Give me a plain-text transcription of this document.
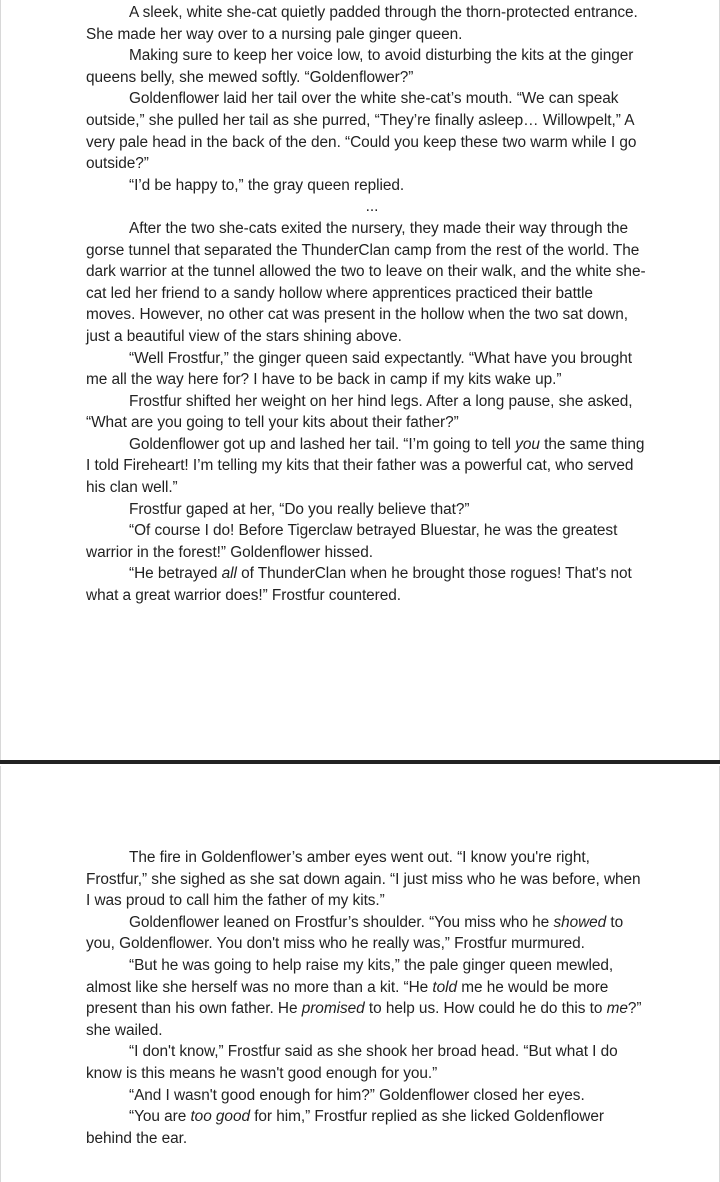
A sleek, white she-cat quietly padded through the thorn-protected entrance. She made her way over to a nursing pale ginger queen.

Making sure to keep her voice low, to avoid disturbing the kits at the ginger queens belly, she mewed softly. “Goldenflower?”

Goldenflower laid her tail over the white she-cat’s mouth. “We can speak outside,” she pulled her tail as she purred, “They’re finally asleep… Willowpelt,” A very pale head in the back of the den. “Could you keep these two warm while I go outside?”

“I’d be happy to,” the gray queen replied.

...

After the two she-cats exited the nursery, they made their way through the gorse tunnel that separated the ThunderClan camp from the rest of the world. The dark warrior at the tunnel allowed the two to leave on their walk, and the white she-cat led her friend to a sandy hollow where apprentices practiced their battle moves. However, no other cat was present in the hollow when the two sat down, just a beautiful view of the stars shining above.

“Well Frostfur,” the ginger queen said expectantly. “What have you brought me all the way here for? I have to be back in camp if my kits wake up.”

Frostfur shifted her weight on her hind legs. After a long pause, she asked, “What are you going to tell your kits about their father?”

Goldenflower got up and lashed her tail. “I’m going to tell you the same thing I told Fireheart! I’m telling my kits that their father was a powerful cat, who served his clan well.”

Frostfur gaped at her, “Do you really believe that?”

“Of course I do! Before Tigerclaw betrayed Bluestar, he was the greatest warrior in the forest!” Goldenflower hissed.

“He betrayed all of ThunderClan when he brought those rogues! That's not what a great warrior does!” Frostfur countered.

The fire in Goldenflower’s amber eyes went out. “I know you're right, Frostfur,” she sighed as she sat down again. “I just miss who he was before, when I was proud to call him the father of my kits.”

Goldenflower leaned on Frostfur’s shoulder. “You miss who he showed to you, Goldenflower. You don't miss who he really was,” Frostfur murmured.

“But he was going to help raise my kits,” the pale ginger queen mewled, almost like she herself was no more than a kit. “He told me he would be more present than his own father. He promised to help us. How could he do this to me?” she wailed.

“I don't know,” Frostfur said as she shook her broad head. “But what I do know is this means he wasn't good enough for you.”

“And I wasn't good enough for him?” Goldenflower closed her eyes.

“You are too good for him,” Frostfur replied as she licked Goldenflower behind the ear.
